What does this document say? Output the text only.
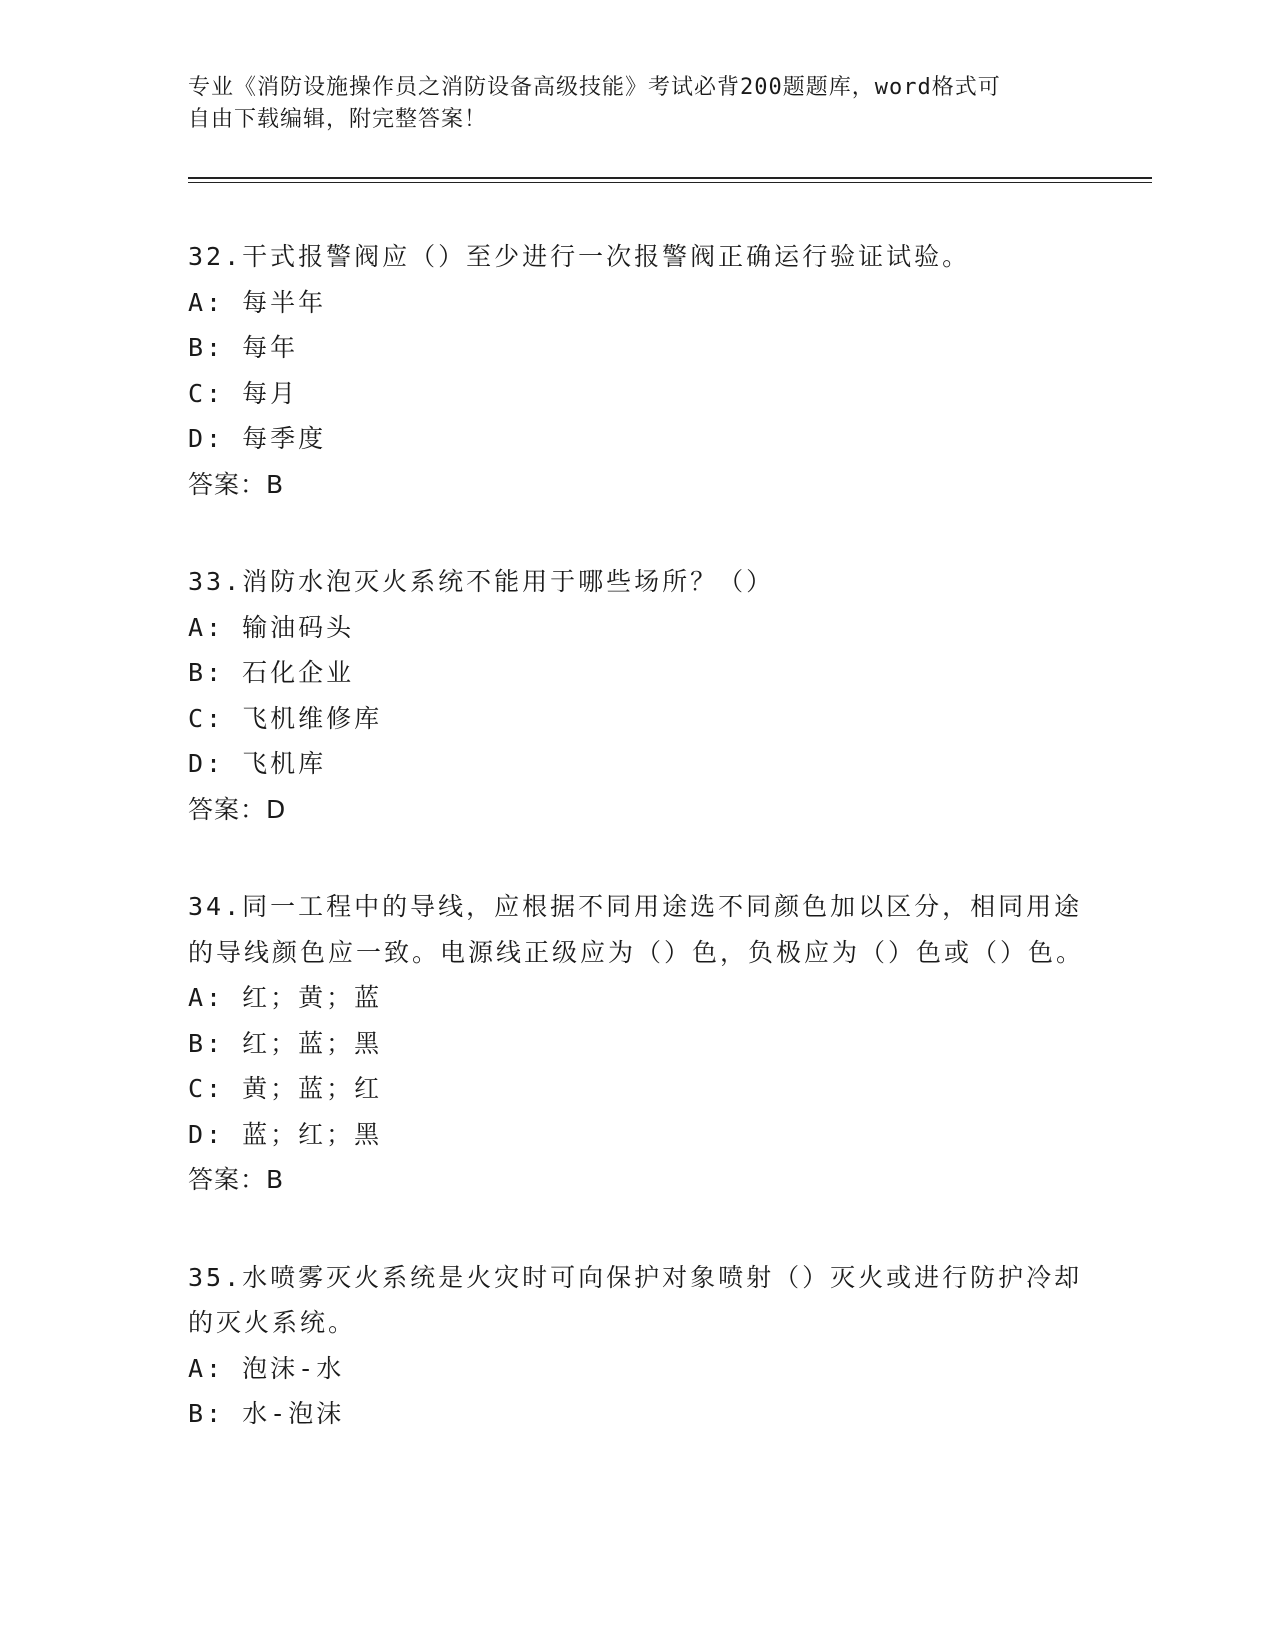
专业《消防设施操作员之消防设备高级技能》考试必背200题题库，word格式可
自由下载编辑，附完整答案！
32.干式报警阀应（）至少进行一次报警阀正确运行验证试验。
A: 每半年
B: 每年
C: 每月
D: 每季度
答案：B
33.消防水泡灭火系统不能用于哪些场所？（）
A: 输油码头
B: 石化企业
C: 飞机维修库
D: 飞机库
答案：D
34.同一工程中的导线，应根据不同用途选不同颜色加以区分，相同用途的导线颜色应一致。电源线正级应为（）色，负极应为（）色或（）色。
A: 红；黄；蓝
B: 红；蓝；黑
C: 黄；蓝；红
D: 蓝；红；黑
答案：B
35.水喷雾灭火系统是火灾时可向保护对象喷射（）灭火或进行防护冷却的灭火系统。
A: 泡沫-水
B: 水-泡沫
